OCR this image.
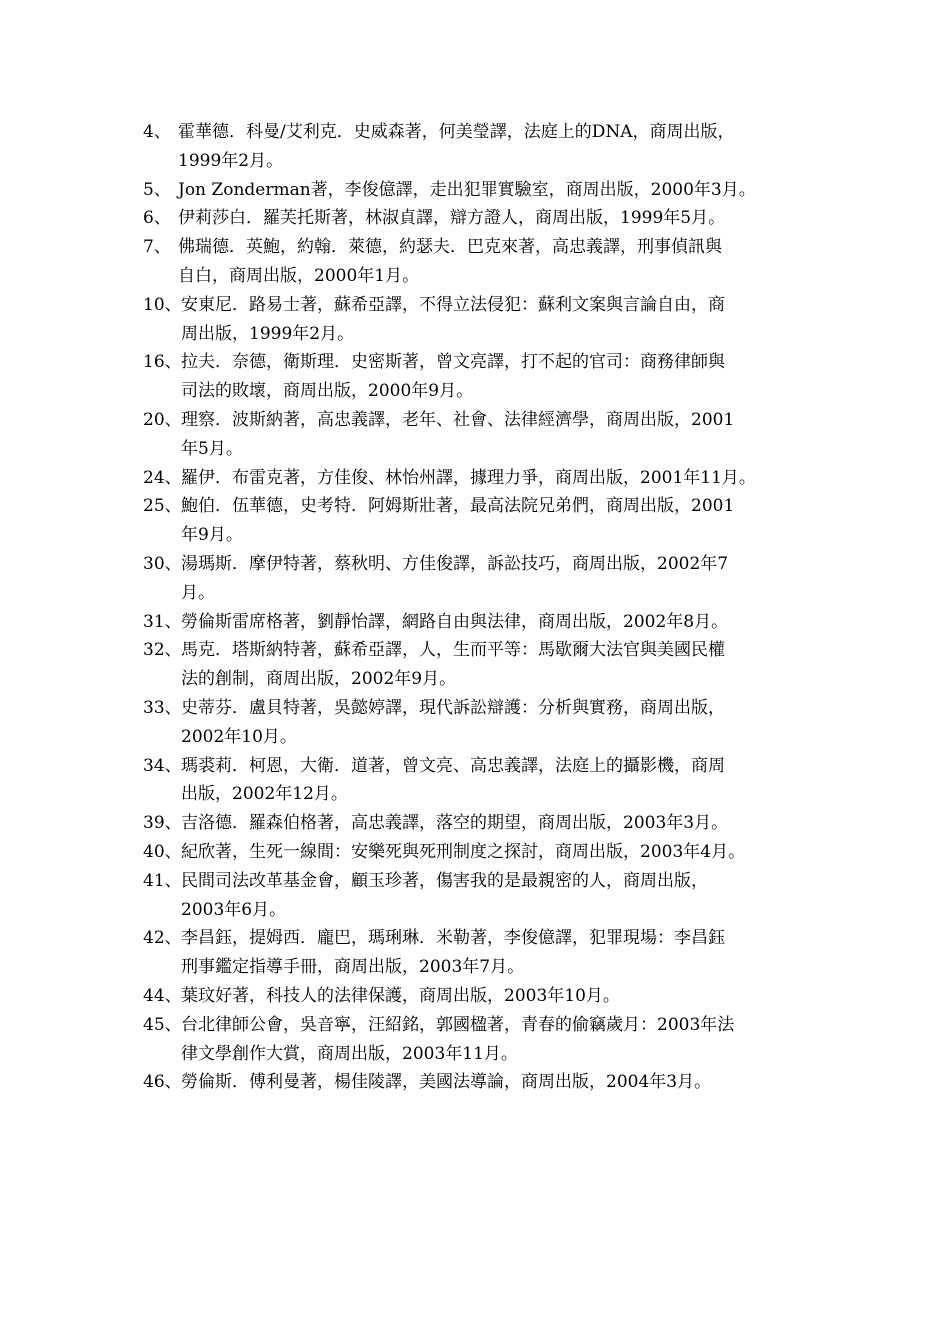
4、 霍華德．科曼/艾利克．史威森著，何美瑩譯，法庭上的DNA，商周出版，
1999年2月。
5、 Jon Zonderman著，李俊億譯，走出犯罪實驗室，商周出版，2000年3月。
6、 伊莉莎白．羅芙托斯著，林淑貞譯，辯方證人，商周出版，1999年5月。
7、 佛瑞德．英鮑，約翰．萊德，約瑟夫．巴克來著，高忠義譯，刑事偵訊與
自白，商周出版，2000年1月。
10、 安東尼．路易士著，蘇希亞譯，不得立法侵犯：蘇利文案與言論自由，商
周出版，1999年2月。
16、 拉夫．奈德，衛斯理．史密斯著，曾文亮譯，打不起的官司：商務律師與
司法的敗壞，商周出版，2000年9月。
20、 理察．波斯納著，高忠義譯，老年、社會、法律經濟學，商周出版，2001
年5月。
24、 羅伊．布雷克著，方佳俊、林怡州譯，據理力爭，商周出版，2001年11月。
25、 鮑伯．伍華德，史考特．阿姆斯壯著，最高法院兄弟們，商周出版，2001
年9月。
30、 湯瑪斯．摩伊特著，蔡秋明、方佳俊譯，訴訟技巧，商周出版，2002年7
月。
31、 勞倫斯雷席格著，劉靜怡譯，網路自由與法律，商周出版，2002年8月。
32、 馬克．塔斯納特著，蘇希亞譯，人，生而平等：馬歇爾大法官與美國民權
法的創制，商周出版，2002年9月。
33、 史蒂芬．盧貝特著，吳懿婷譯，現代訴訟辯護：分析與實務，商周出版，
2002年10月。
34、 瑪裘莉．柯恩，大衛．道著，曾文亮、高忠義譯，法庭上的攝影機，商周
出版，2002年12月。
39、 吉洛德．羅森伯格著，高忠義譯，落空的期望，商周出版，2003年3月。
40、 紀欣著，生死一線間：安樂死與死刑制度之探討，商周出版，2003年4月。
41、 民間司法改革基金會，顧玉珍著，傷害我的是最親密的人，商周出版，
2003年6月。
42、 李昌鈺，提姆西．龐巴，瑪琍琳．米勒著，李俊億譯，犯罪現場：李昌鈺
刑事鑑定指導手冊，商周出版，2003年7月。
44、 葉玟好著，科技人的法律保護，商周出版，2003年10月。
45、 台北律師公會，吳音寧，汪紹銘，郭國楹著，青春的偷竊歲月：2003年法
律文學創作大賞，商周出版，2003年11月。
46、 勞倫斯．傅利曼著，楊佳陵譯，美國法導論，商周出版，2004年3月。
